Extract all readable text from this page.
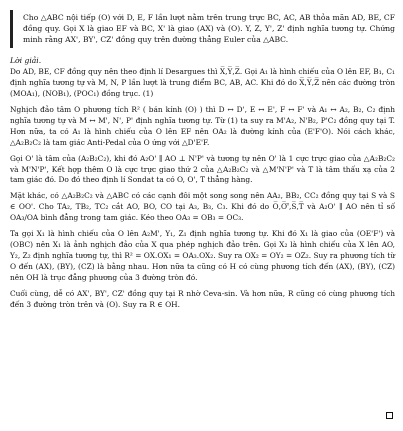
Cho △ABC nội tiếp (O) với D, E, F lần lượt nằm trên trung trực BC, AC, AB thỏa mãn AD, BE, CF đồng quy. Gọi X là giao EF và BC, X' là giao (AX) và (O). Y, Z, Y', Z' định nghĩa tương tự. Chứng minh rằng AX', BY', CZ' đồng quy trên đường thẳng Euler của △ABC.
Lời giải.
Do AD, BE, CF đồng quy nên theo định lí Desargues thì X̅,Y̅,Z̅. Gọi A₁ là hình chiếu của O lên EF, B₁, C₁ định nghĩa tương tự và M, N, P lần lượt là trung điểm BC, AB, AC. Khi đó do X̅,Y̅,Z̅ nên các đường tròn (MOA₁), (NOB₁), (POC₁) đồng trục. (1)
Nghịch đảo tâm O phương tích R² ( bán kính (O) ) thì D ↔ D', E ↔ E', F ↔ F' và A₁ ↔ A₂, B₂, C₂ định nghĩa tương tự và M ↔ M', N', P' định nghĩa tương tự. Từ (1) ta suy ra M'A₂, N'B₂, P'C₂ đồng quy tại T. Hơn nữa, ta có A₁ là hình chiếu của O lên EF nên OA₂ là đường kính của (E'F'O). Nói cách khác, △A₂B₂C₂ là tam giác Anti-Pedal của O ứng với △D'E'F.
Gọi O' là tâm của (A₂B₂C₂), khi đó A₂O' ∥ AO ⊥ N'P' và tương tự nên O' là 1 cực trực giao của △A₂B₂C₂ và M'N'P', Kết hợp thêm O là cực trực giao thứ 2 của △A₂B₂C₂ và △M'N'P' và T là tâm thấu xạ của 2 tam giác đó. Do đó theo định lí Sondat ta có O, O', T thẳng hàng.
Mặt khác, có △A₂B₂C₂ và △ABC có các cạnh đôi một song song nên AA₂, BB₂, CC₂ đồng quy tại S và S ∈ OO'. Cho TA₂, TB₂, TC₂ cắt AO, BO, CO tại A₃, B₃, C₃. Khi đó do O̅,O̅'̅,S̅,T̅ và A₂O' ∥ AO nên tỉ số OA₃/OA bình đẳng trong tam giác. Kéo theo OA₃ = OB₃ = OC₃.
Ta gọi X₁ là hình chiếu của O lên A₂M', Y₁, Z₁ định nghĩa tương tự. Khi đó X₁ là giao của (OE'F') và (OBC) nên X₁ là ảnh nghịch đảo của X qua phép nghịch đảo trên. Gọi X₂ là hình chiếu của X lên AO, Y₂, Z₂ định nghĩa tương tự, thì R² = OX.OX₁ = OA₃.OX₂. Suy ra OX₂ = OY₂ = OZ₂. Suy ra phương tích từ O đến (AX), (BY), (CZ) là bằng nhau. Hơn nữa ta cũng có H có cùng phương tích đến (AX), (BY), (CZ) nên OH là trục đẳng phương của 3 đường tròn đó.
Cuối cùng, dễ có AX', BY', CZ' đồng quy tại R nhờ Ceva-sin. Và hơn nữa, R cũng có cùng phương tích đến 3 đường tròn trên và (O). Suy ra R ∈ OH.
